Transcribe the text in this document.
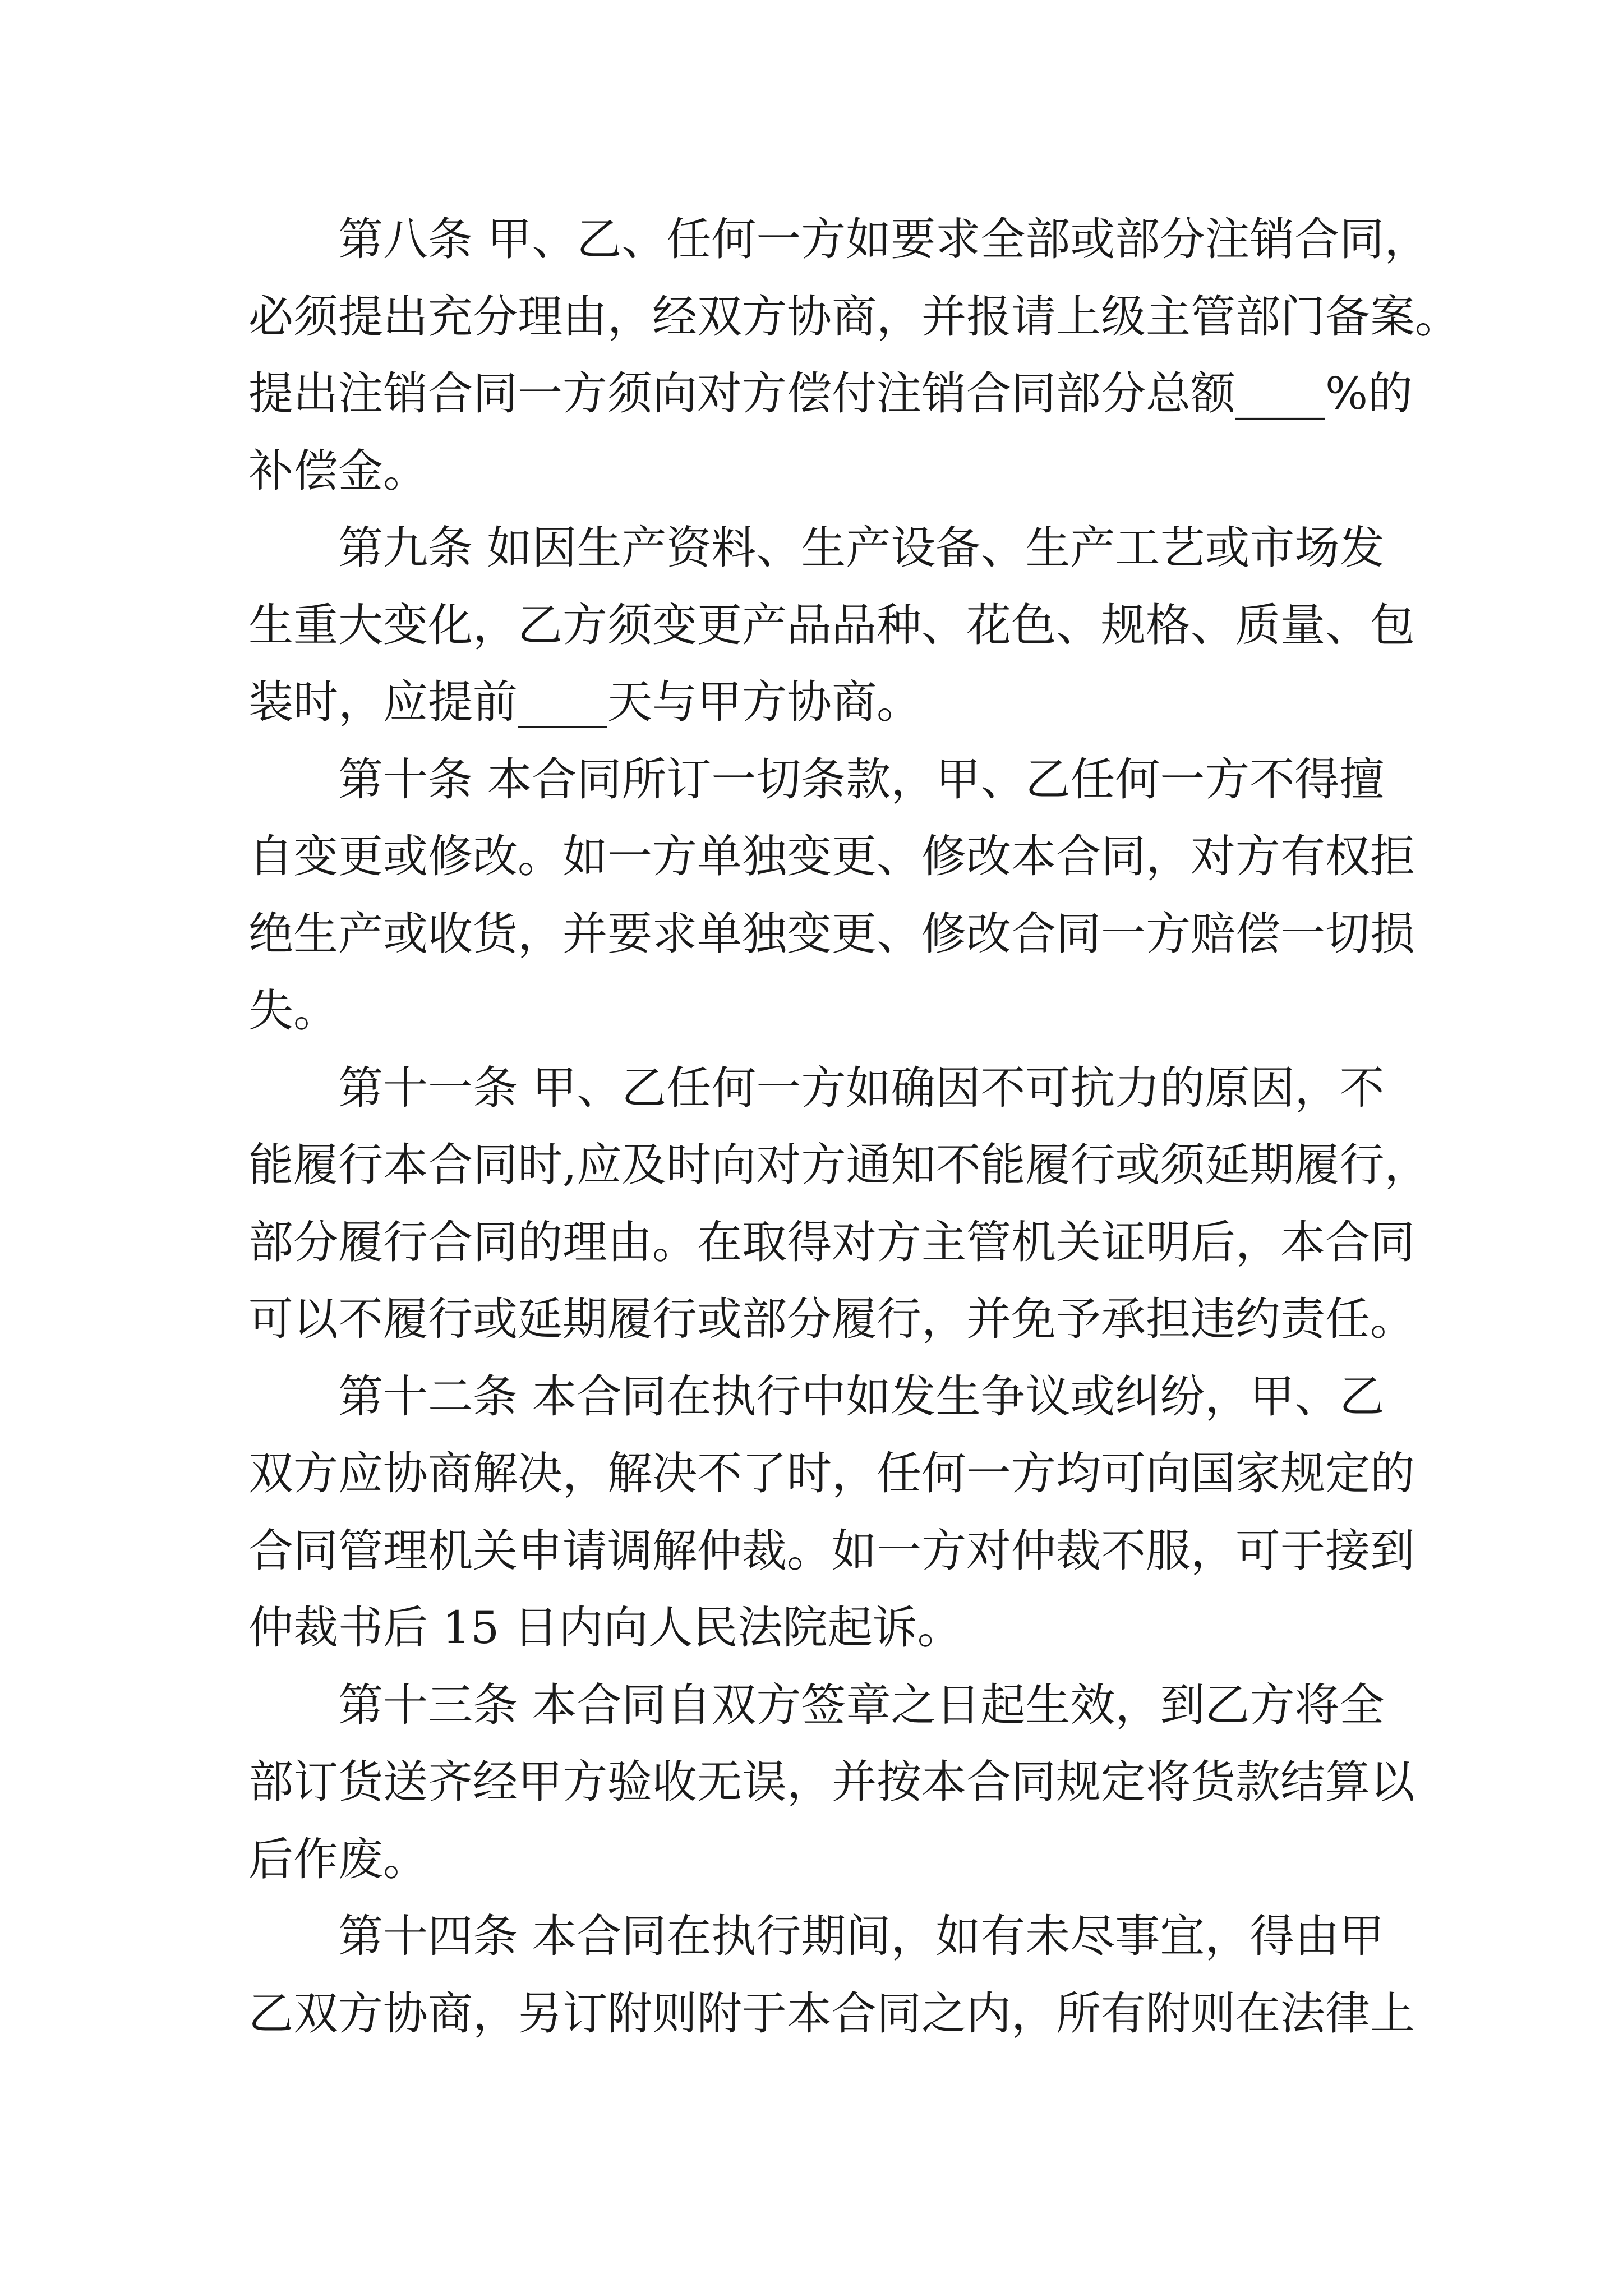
第八条 甲、乙、任何一方如要求全部或部分注销合同，
必须提出充分理由，经双方协商，并报请上级主管部门备案。
提出注销合同一方须向对方偿付注销合同部分总额____%的
补偿金。
第九条 如因生产资料、生产设备、生产工艺或市场发
生重大变化，乙方须变更产品品种、花色、规格、质量、包
装时，应提前____天与甲方协商。
第十条 本合同所订一切条款，甲、乙任何一方不得擅
自变更或修改。如一方单独变更、修改本合同，对方有权拒
绝生产或收货，并要求单独变更、修改合同一方赔偿一切损
失。
第十一条 甲、乙任何一方如确因不可抗力的原因，不
能履行本合同时,应及时向对方通知不能履行或须延期履行，
部分履行合同的理由。在取得对方主管机关证明后，本合同
可以不履行或延期履行或部分履行，并免予承担违约责任。
第十二条 本合同在执行中如发生争议或纠纷，甲、乙
双方应协商解决，解决不了时，任何一方均可向国家规定的
合同管理机关申请调解仲裁。如一方对仲裁不服，可于接到
仲裁书后 15 日内向人民法院起诉。
第十三条 本合同自双方签章之日起生效，到乙方将全
部订货送齐经甲方验收无误，并按本合同规定将货款结算以
后作废。
第十四条 本合同在执行期间，如有未尽事宜，得由甲
乙双方协商，另订附则附于本合同之内，所有附则在法律上
